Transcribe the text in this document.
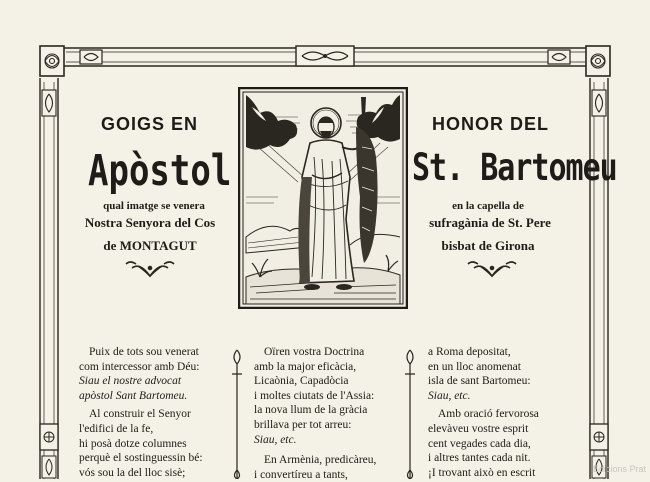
GOIGS EN	HONOR DEL
Apòstol	St. Bartomeu
qual imatge se venera
Nostra Senyora del Cos
de MONTAGUT
en la capella de
sufragània de St. Pere
bisbat de Girona
Puix de tots sou venerat
com intercessor amb Déu:
Siau el nostre advocat
apòstol Sant Bartomeu.
Al construir el Senyor
l'edifici de la fe,
hi posà dotze columnes
perquè el sostinguessin bé:
vós sou la del lloc sisè;
Oïren vostra Doctrina
amb la major eficàcia,
Licaònia, Capadòcia
i moltes ciutats de l'Assia:
la nova llum de la gràcia
brillava per tot arreu:
Siau, etc.
En Armènia, predicàreu,
i convertíreu a tants,
a Roma depositat,
en un lloc anomenat
isla de sant Bartomeu:
Siau, etc.
Amb oració fervorosa
elevàveu vostre esprit
cent vegades cada dia,
i altres tantes cada nit.
¡I trovant això en escrit	Edicions Prat
